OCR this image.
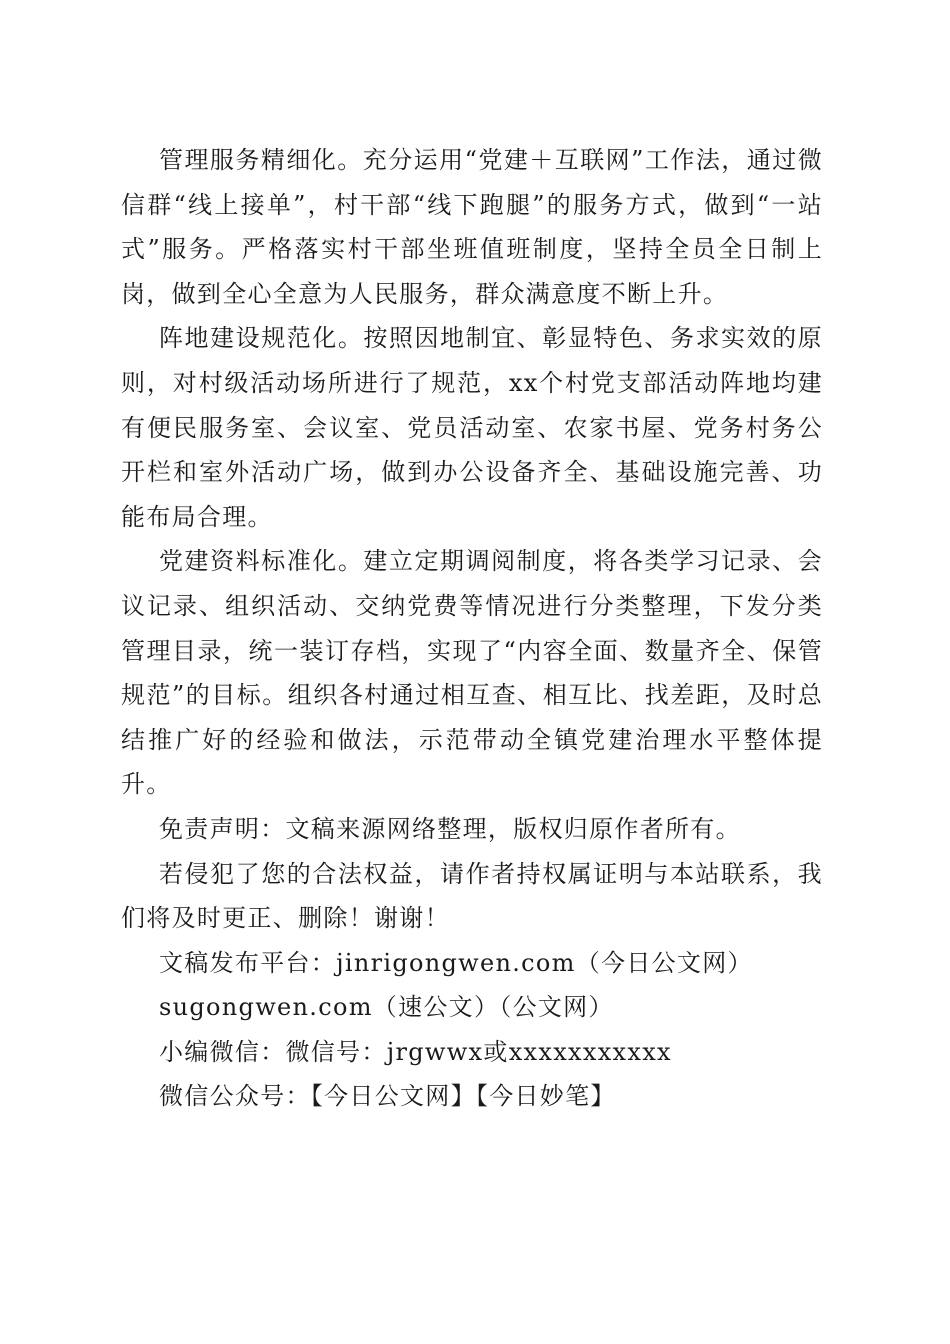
管理服务精细化。充分运用“党建＋互联网”工作法，通过微信群“线上接单”，村干部“线下跑腿”的服务方式，做到“一站式”服务。严格落实村干部坐班值班制度，坚持全员全日制上岗，做到全心全意为人民服务，群众满意度不断上升。

阵地建设规范化。按照因地制宜、彰显特色、务求实效的原则，对村级活动场所进行了规范，xx个村党支部活动阵地均建有便民服务室、会议室、党员活动室、农家书屋、党务村务公开栏和室外活动广场，做到办公设备齐全、基础设施完善、功能布局合理。

党建资料标准化。建立定期调阅制度，将各类学习记录、会议记录、组织活动、交纳党费等情况进行分类整理，下发分类管理目录，统一装订存档，实现了“内容全面、数量齐全、保管规范”的目标。组织各村通过相互查、相互比、找差距，及时总结推广好的经验和做法，示范带动全镇党建治理水平整体提升。

免责声明：文稿来源网络整理，版权归原作者所有。

若侵犯了您的合法权益，请作者持权属证明与本站联系，我们将及时更正、删除！谢谢！

文稿发布平台：jinrigongwen.com（今日公文网）

sugongwen.com（速公文）（公文网）

小编微信：微信号：jrgwwx或xxxxxxxxxxx

微信公众号：【今日公文网】【今日妙笔】
